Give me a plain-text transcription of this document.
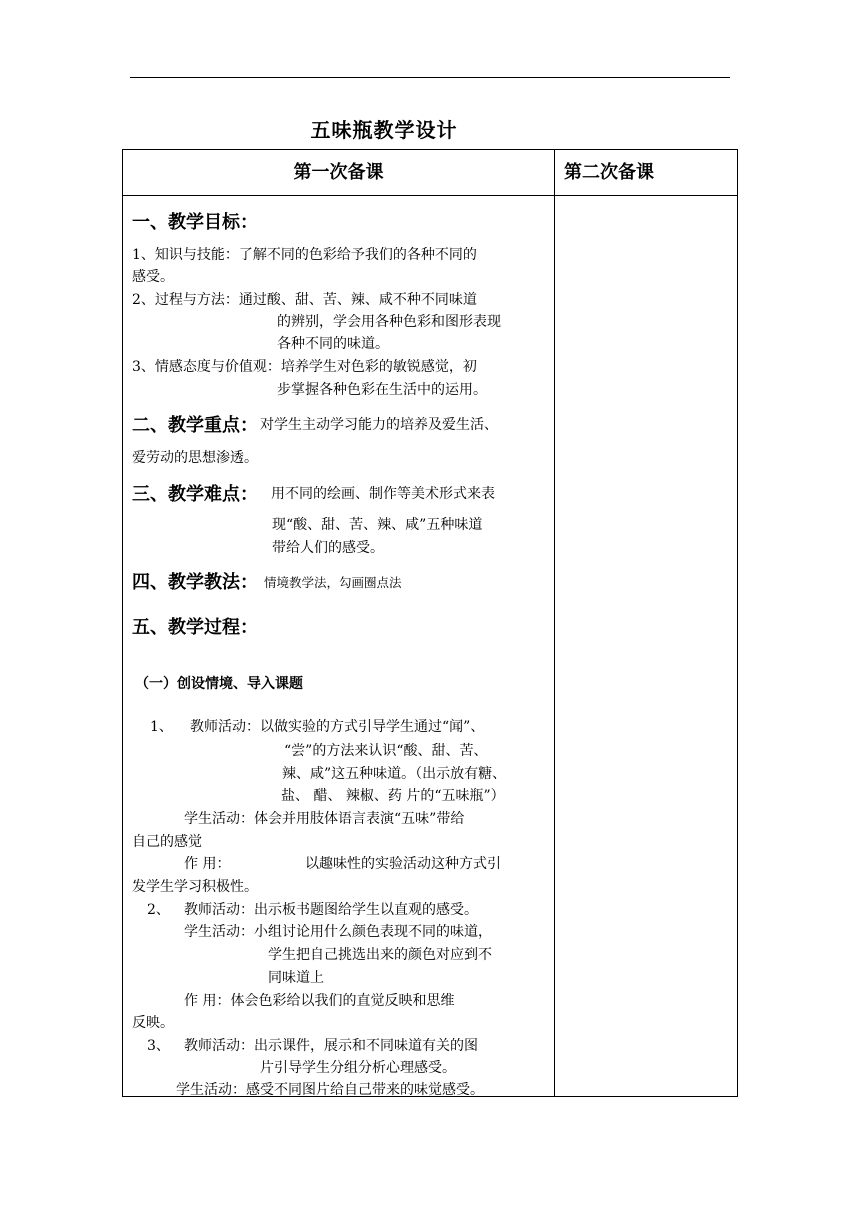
五味瓶教学设计
第一次备课	第二次备课
一、教学目标：
1、知识与技能：了解不同的色彩给予我们的各种不同的
感受。
2、过程与方法：通过酸、甜、苦、辣、咸不种不同味道
的辨别，学会用各种色彩和图形表现
各种不同的味道。
3、情感态度与价值观：培养学生对色彩的敏锐感觉，初
步掌握各种色彩在生活中的运用。
二、教学重点： 对学生主动学习能力的培养及爱生活、
爱劳动的思想渗透。
三、教学难点： 用不同的绘画、制作等美术形式来表
现“酸、甜、苦、辣、咸”五种味道
带给人们的感受。
四、教学教法： 情境教学法，勾画圈点法
五、教学过程：
（一）创设情境、导入课题
1、 教师活动： 以做实验的方式引导学生通过“闻”、
“尝”的方法来认识“酸、甜、苦、
辣、咸”这五种味道。（出示放有糖、
盐、 醋、 辣椒、药 片的“五味瓶”）
学生活动：体会并用肢体语言表演“五味”带给
自己的感觉
作 用：	以趣味性的实验活动这种方式引
发学生学习积极性。
2、 教师活动：出示板书题图给学生以直观的感受。
学生活动：小组讨论用什么颜色表现不同的味道，
学生把自己挑选出来的颜色对应到不
同味道上
作 用：体会色彩给以我们的直觉反映和思维
反映。
3、 教师活动：出示课件，展示和不同味道有关的图
片引导学生分组分析心理感受。
学生活动：感受不同图片给自己带来的味觉感受。
